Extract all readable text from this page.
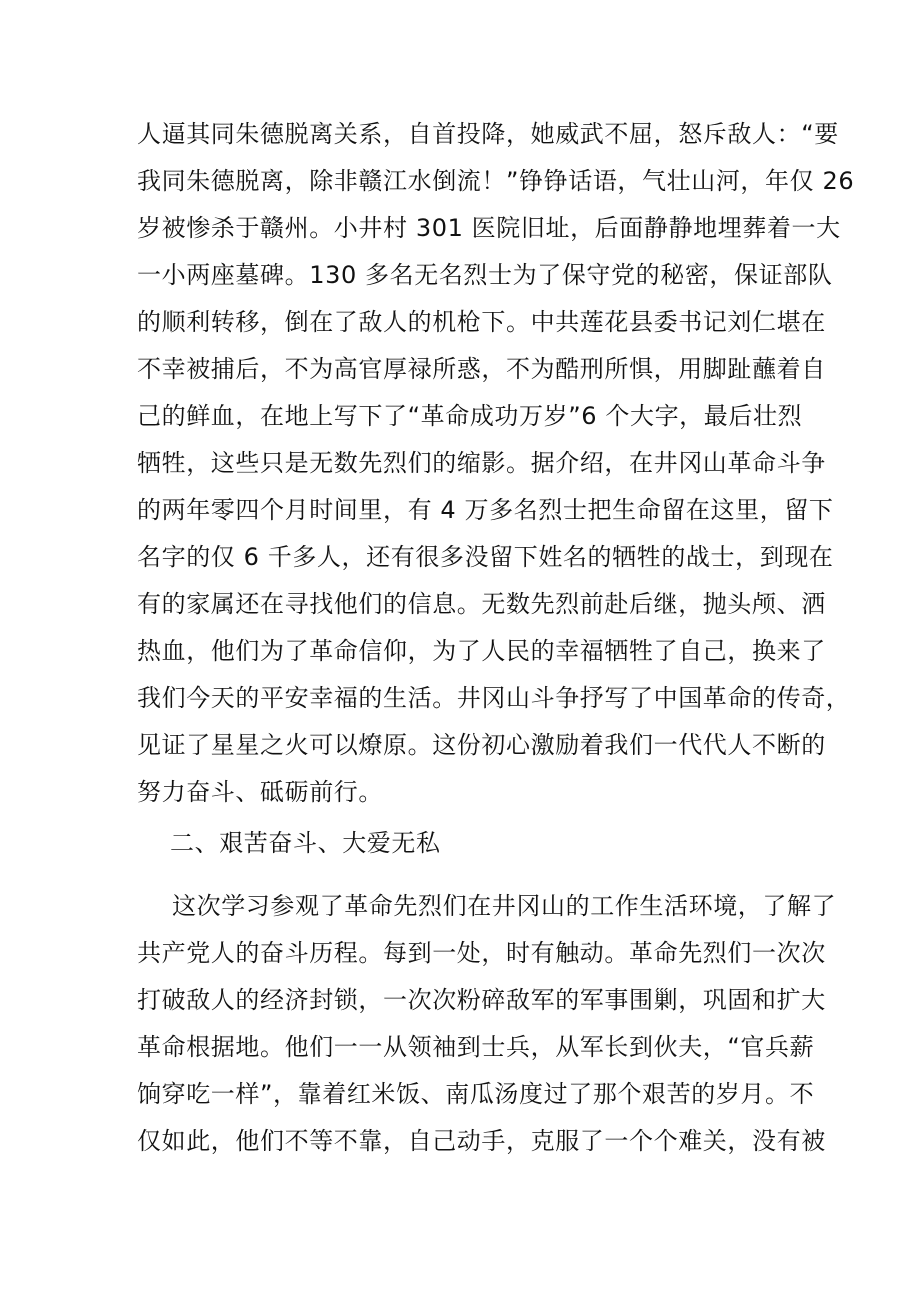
人逼其同朱德脱离关系，自首投降，她威武不屈，怒斥敌人：“要
我同朱德脱离，除非赣江水倒流！”铮铮话语，气壮山河，年仅 26
岁被惨杀于赣州。小井村 301 医院旧址，后面静静地埋葬着一大
一小两座墓碑。130 多名无名烈士为了保守党的秘密，保证部队
的顺利转移，倒在了敌人的机枪下。中共莲花县委书记刘仁堪在
不幸被捕后，不为高官厚禄所惑，不为酷刑所惧，用脚趾蘸着自
己的鲜血，在地上写下了“革命成功万岁”6 个大字，最后壮烈
牺牲，这些只是无数先烈们的缩影。据介绍，在井冈山革命斗争
的两年零四个月时间里，有 4 万多名烈士把生命留在这里，留下
名字的仅 6 千多人，还有很多没留下姓名的牺牲的战士，到现在
有的家属还在寻找他们的信息。无数先烈前赴后继，抛头颅、洒
热血，他们为了革命信仰，为了人民的幸福牺牲了自己，换来了
我们今天的平安幸福的生活。井冈山斗争抒写了中国革命的传奇，
见证了星星之火可以燎原。这份初心激励着我们一代代人不断的
努力奋斗、砥砺前行。
二、艰苦奋斗、大爱无私
这次学习参观了革命先烈们在井冈山的工作生活环境，了解了
共产党人的奋斗历程。每到一处，时有触动。革命先烈们一次次
打破敌人的经济封锁，一次次粉碎敌军的军事围剿，巩固和扩大
革命根据地。他们一一从领袖到士兵，从军长到伙夫，“官兵薪
饷穿吃一样”，靠着红米饭、南瓜汤度过了那个艰苦的岁月。不
仅如此，他们不等不靠，自己动手，克服了一个个难关，没有被
